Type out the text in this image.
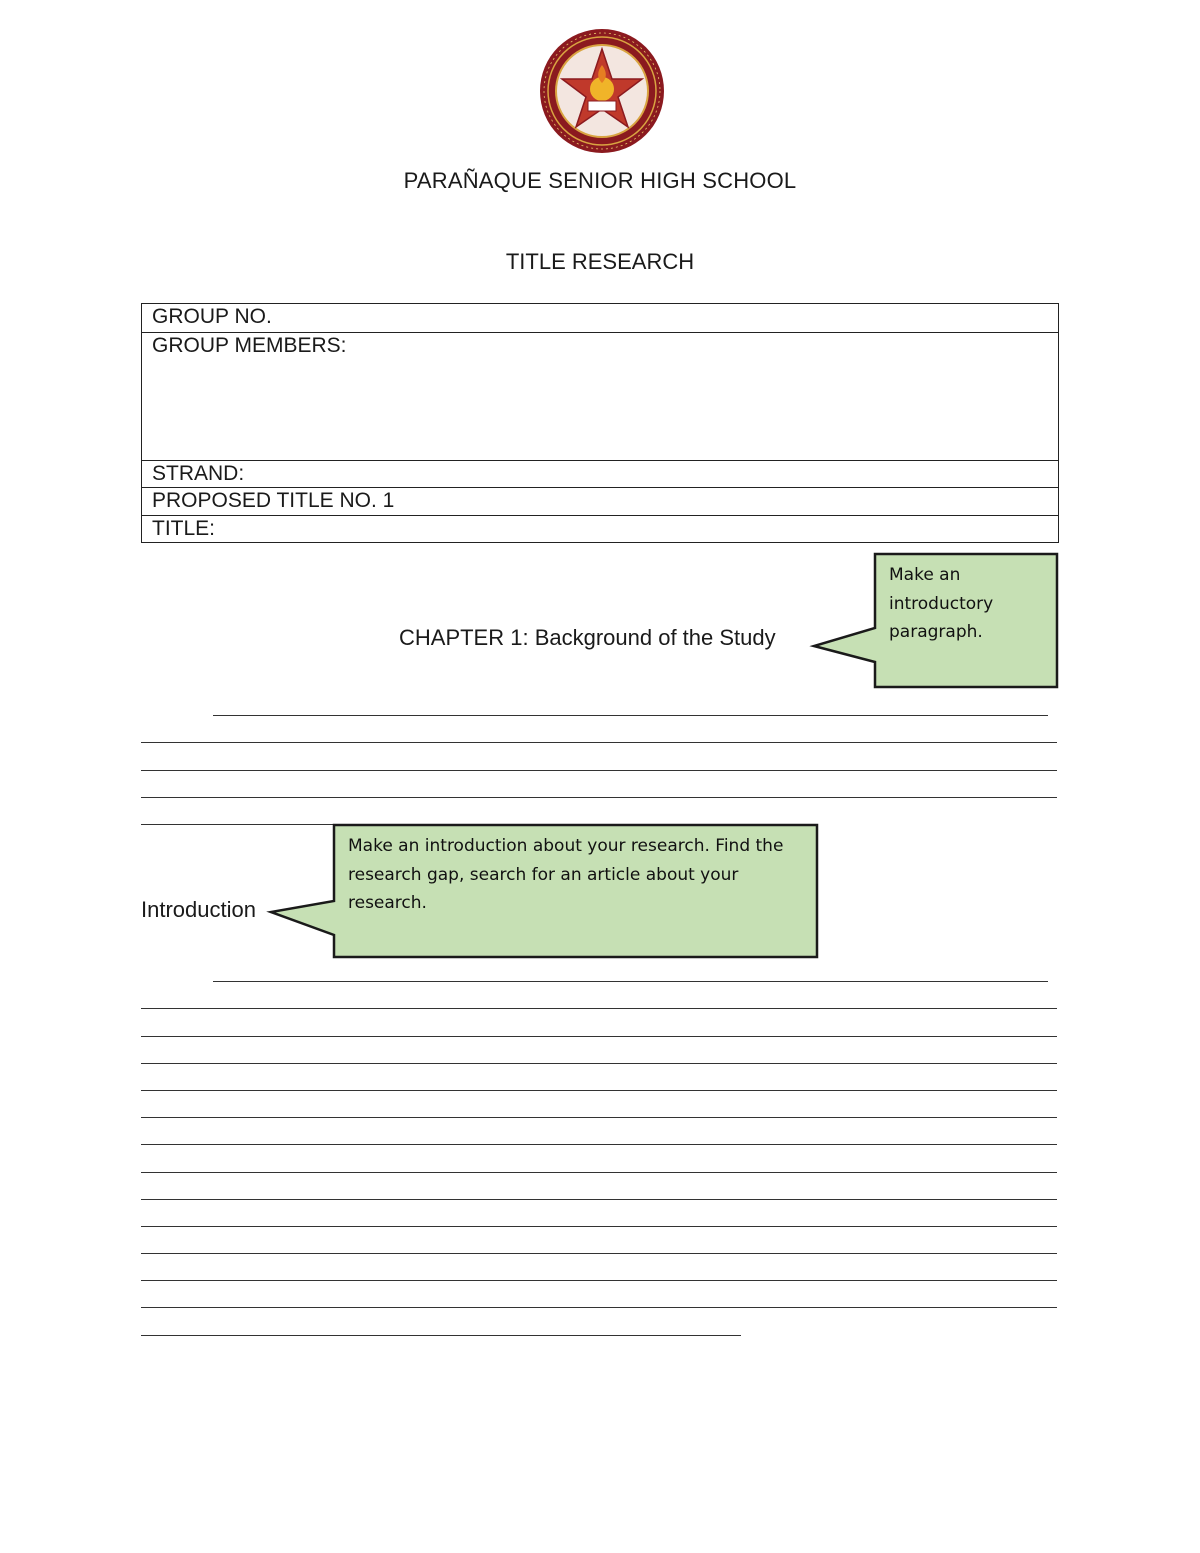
PARAÑAQUE SENIOR HIGH SCHOOL
TITLE RESEARCH
GROUP NO.
GROUP MEMBERS:
STRAND:
PROPOSED TITLE NO. 1
TITLE:
CHAPTER 1: Background of the Study
Make an introductory paragraph.
Introduction
Make an introduction about your research. Find the research gap, search for an article about your research.
